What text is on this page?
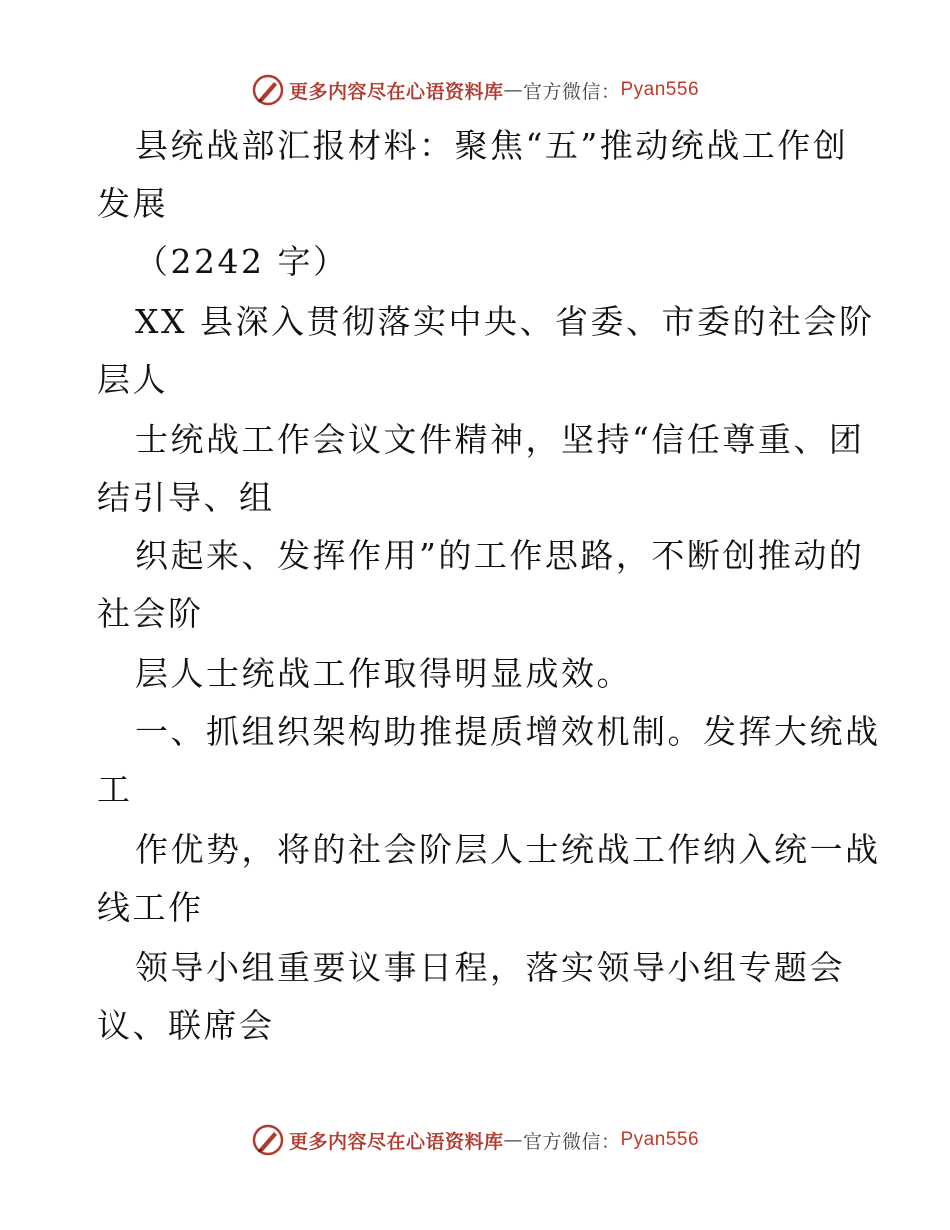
更多内容尽在心语资料库 — 官方微信： Pyan556
县统战部汇报材料：聚焦“五”推动统战工作创
发展
（2242 字）
XX 县深入贯彻落实中央、省委、市委的社会阶
层人
士统战工作会议文件精神，坚持“信任尊重、团
结引导、组
织起来、发挥作用”的工作思路，不断创推动的
社会阶
层人士统战工作取得明显成效。
一、抓组织架构助推提质增效机制。发挥大统战
工
作优势，将的社会阶层人士统战工作纳入统一战
线工作
领导小组重要议事日程，落实领导小组专题会
议、联席会
更多内容尽在心语资料库 — 官方微信： Pyan556
